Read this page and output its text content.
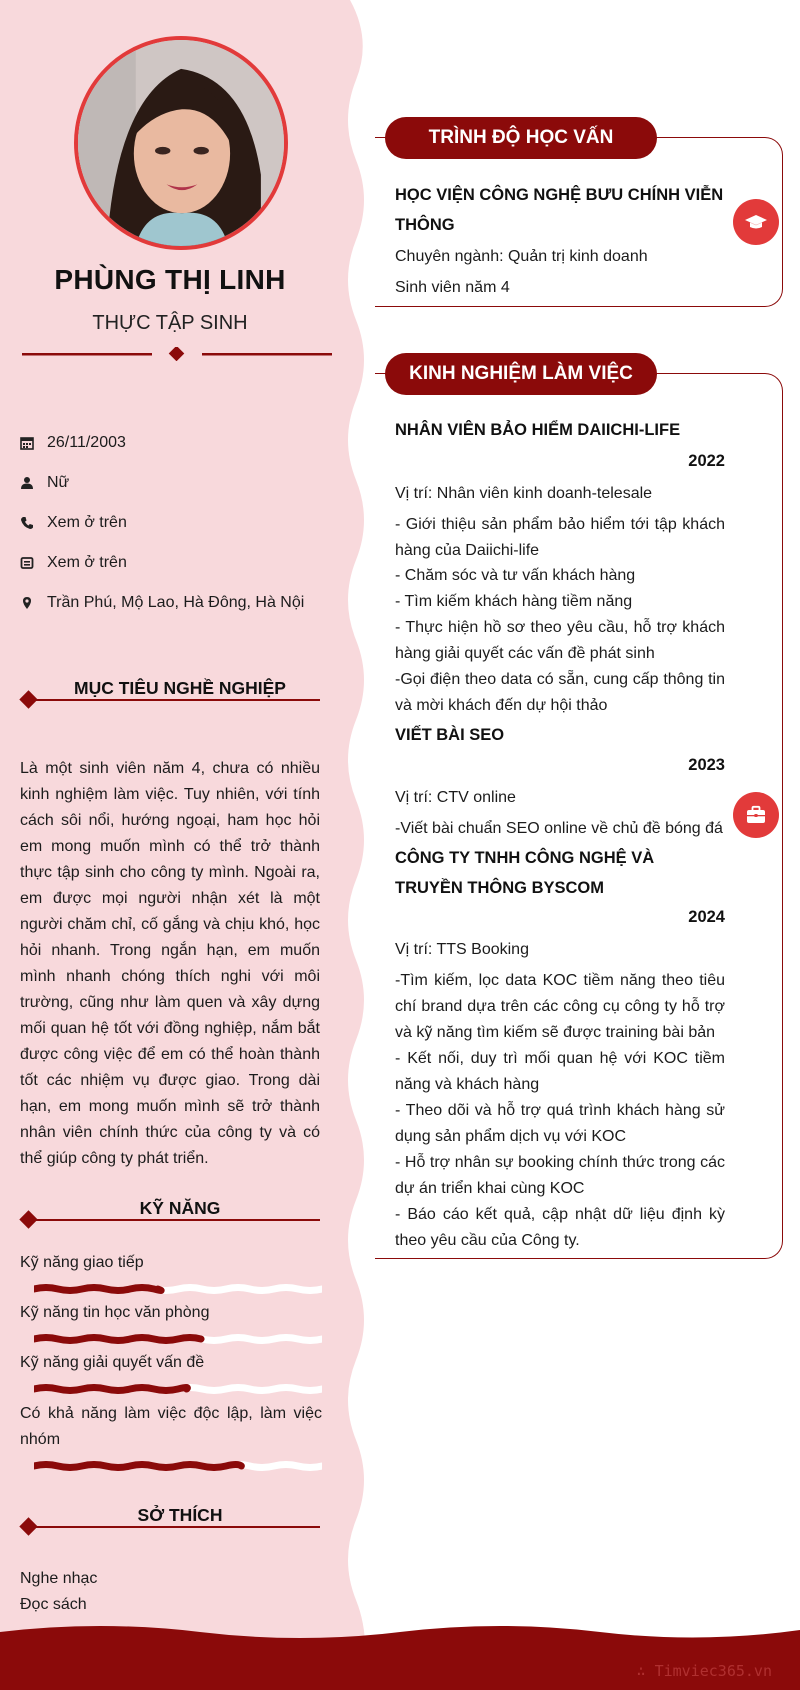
PHÙNG THỊ LINH
THỰC TẬP SINH
26/11/2003
Nữ
Xem ở trên
Xem ở trên
Trần Phú, Mộ Lao, Hà Đông, Hà Nội
MỤC TIÊU NGHỀ NGHIỆP

Là một sinh viên năm 4, chưa có nhiều kinh nghiệm làm việc. Tuy nhiên, với tính cách sôi nổi, hướng ngoại, ham học hỏi em mong muốn mình có thể trở thành thực tập sinh cho công ty mình. Ngoài ra, em được mọi người nhận xét là một người chăm chỉ, cố gắng và chịu khó, học hỏi nhanh. Trong ngắn hạn, em muốn mình nhanh chóng thích nghi với môi trường, cũng như làm quen và xây dựng mối quan hệ tốt với đồng nghiệp, nắm bắt được công việc để em có thể hoàn thành tốt các nhiệm vụ được giao. Trong dài hạn, em mong muốn mình sẽ trở thành nhân viên chính thức của công ty và có thể giúp công ty phát triển.

KỸ NĂNG
Kỹ năng giao tiếp
Kỹ năng tin học văn phòng
Kỹ năng giải quyết vấn đề
Có khả năng làm việc độc lập, làm việc nhóm
SỞ THÍCH
Nghe nhạc
Đọc sách
TRÌNH ĐỘ HỌC VẤN
HỌC VIỆN CÔNG NGHỆ BƯU CHÍNH VIỄN THÔNG
Chuyên ngành: Quản trị kinh doanh
Sinh viên năm 4
KINH NGHIỆM LÀM VIỆC
NHÂN VIÊN BẢO HIỂM DAIICHI-LIFE
2022
Vị trí: Nhân viên kinh doanh-telesale
- Giới thiệu sản phẩm bảo hiểm tới tập khách hàng của Daiichi-life
- Chăm sóc và tư vấn khách hàng
- Tìm kiếm khách hàng tiềm năng
- Thực hiện hồ sơ theo yêu cầu, hỗ trợ khách hàng giải quyết các vấn đề phát sinh
-Gọi điện theo data có sẵn, cung cấp thông tin và mời khách đến dự hội thảo
VIẾT BÀI SEO
2023
Vị trí: CTV online
-Viết bài chuẩn SEO online về chủ đề bóng đá
CÔNG TY TNHH CÔNG NGHỆ VÀ TRUYỀN THÔNG BYSCOM
2024
Vị trí: TTS Booking
-Tìm kiếm, lọc data KOC tiềm năng theo tiêu chí brand dựa trên các công cụ công ty hỗ trợ và kỹ năng tìm kiếm sẽ được training bài bản
- Kết nối, duy trì mối quan hệ với KOC tiềm năng và khách hàng
- Theo dõi và hỗ trợ quá trình khách hàng sử dụng sản phẩm dịch vụ với KOC
- Hỗ trợ nhân sự booking chính thức trong các dự án triển khai cùng KOC
- Báo cáo kết quả, cập nhật dữ liệu định kỳ theo yêu cầu của Công ty.
∴ Timviec365.vn
